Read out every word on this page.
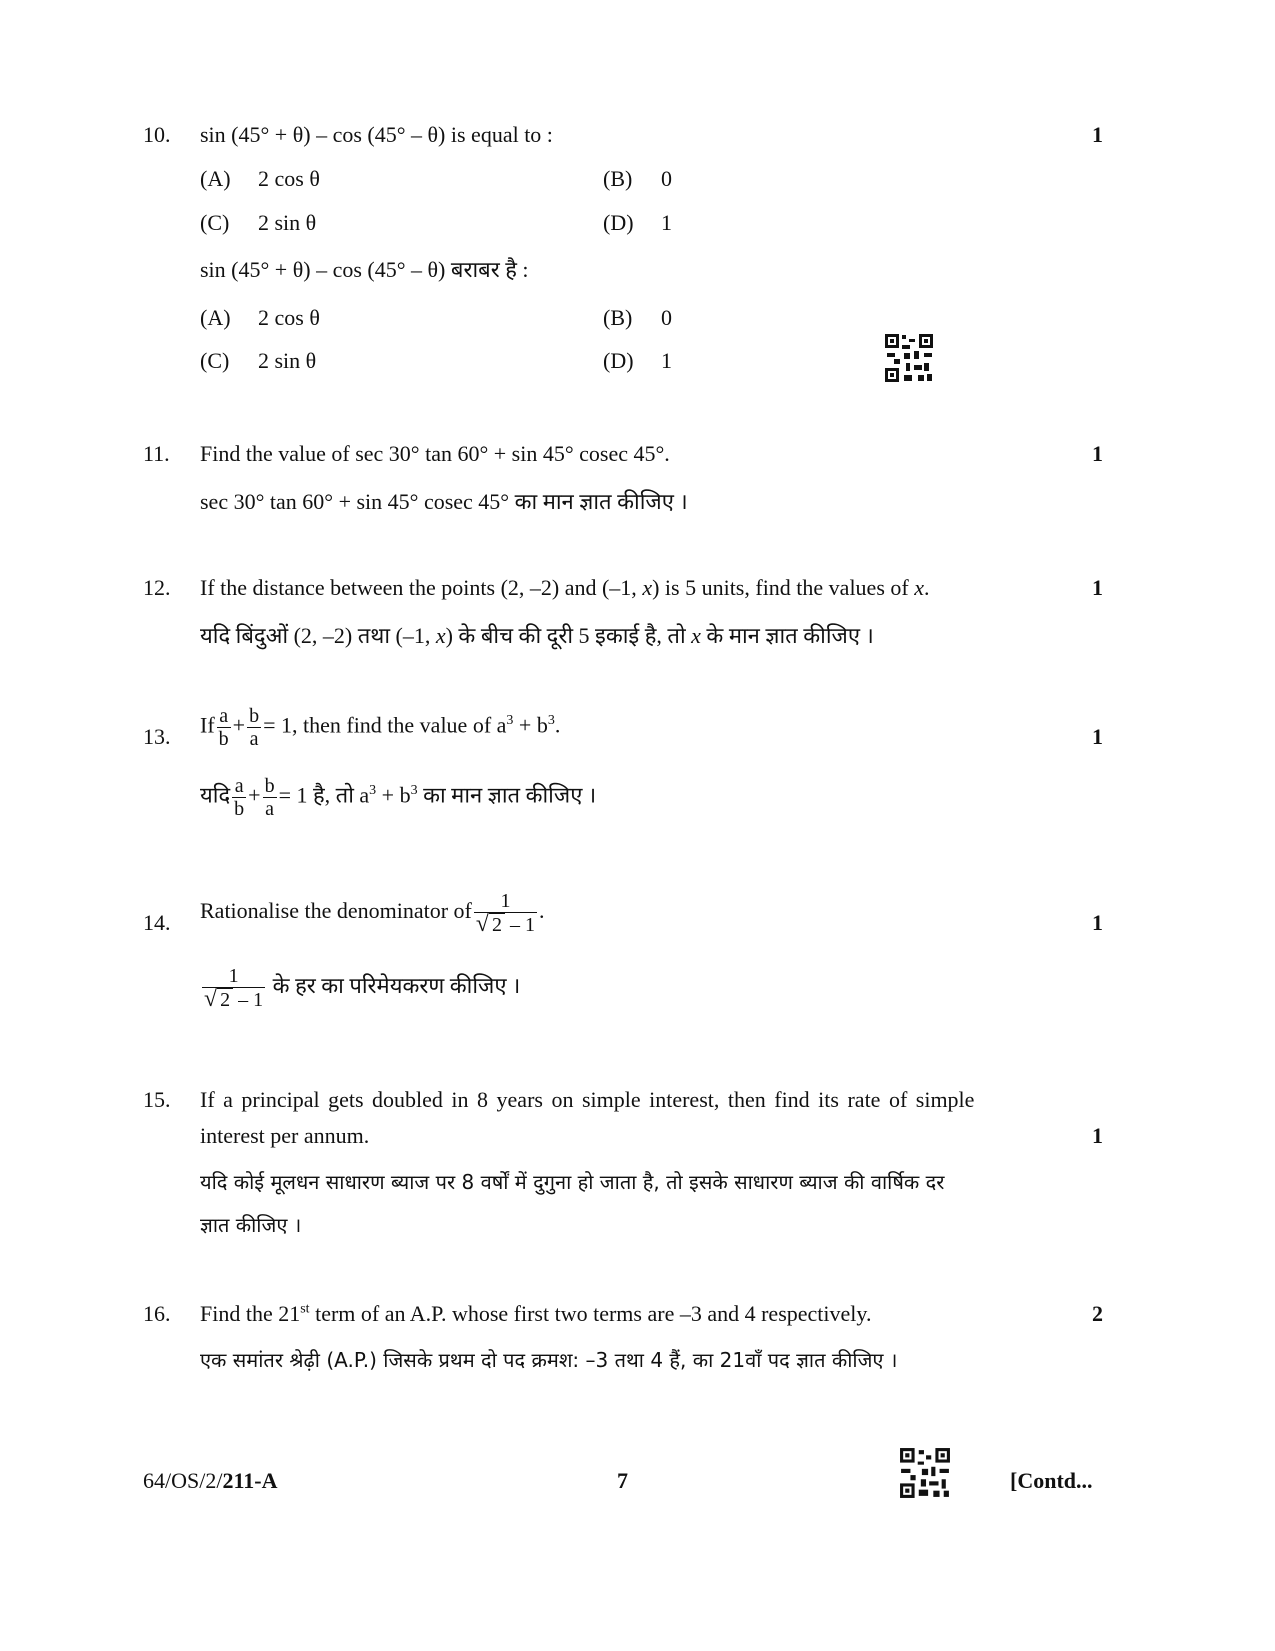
10. sin (45° + θ) – cos (45° – θ) is equal to :	1
(A) 2 cos θ	(B) 0
(C) 2 sin θ	(D) 1
sin (45° + θ) – cos (45° – θ) बराबर है :
(A) 2 cos θ	(B) 0
(C) 2 sin θ	(D) 1
11. Find the value of sec 30° tan 60° + sin 45° cosec 45°.	1
sec 30° tan 60° + sin 45° cosec 45° का मान ज्ञात कीजिए ।
12. If the distance between the points (2, –2) and (–1, x) is 5 units, find the values of x.	1
यदि बिंदुओं (2, –2) तथा (–1, x) के बीच की दूरी 5 इकाई है, तो x के मान ज्ञात कीजिए ।
13. If $\frac{a}{b} + \frac{b}{a} = 1$, then find the value of $a^3 + b^3$.	1
यदि $\frac{a}{b} + \frac{b}{a} = 1$ है, तो $a^3 + b^3$ का मान ज्ञात कीजिए ।
14. Rationalise the denominator of $\frac{1}{√ 2 - 1}$ .	1
$\frac{1}{√ 2 - 1}$ के हर का परिमेयकरण कीजिए ।
15. If a principal gets doubled in 8 years on simple interest, then find its rate of simple
interest per annum.	1
यदि कोई मूलधन साधारण ब्याज पर 8 वर्षों में दुगुना हो जाता है, तो इसके साधारण ब्याज की वार्षिक दर
ज्ञात कीजिए ।
16. Find the 21st term of an A.P. whose first two terms are –3 and 4 respectively.	2
एक समांतर श्रेढ़ी (A.P.) जिसके प्रथम दो पद क्रमश: –3 तथा 4 हैं, का 21वाँ पद ज्ञात कीजिए ।
64/OS/2/211-A	7	[Contd...
